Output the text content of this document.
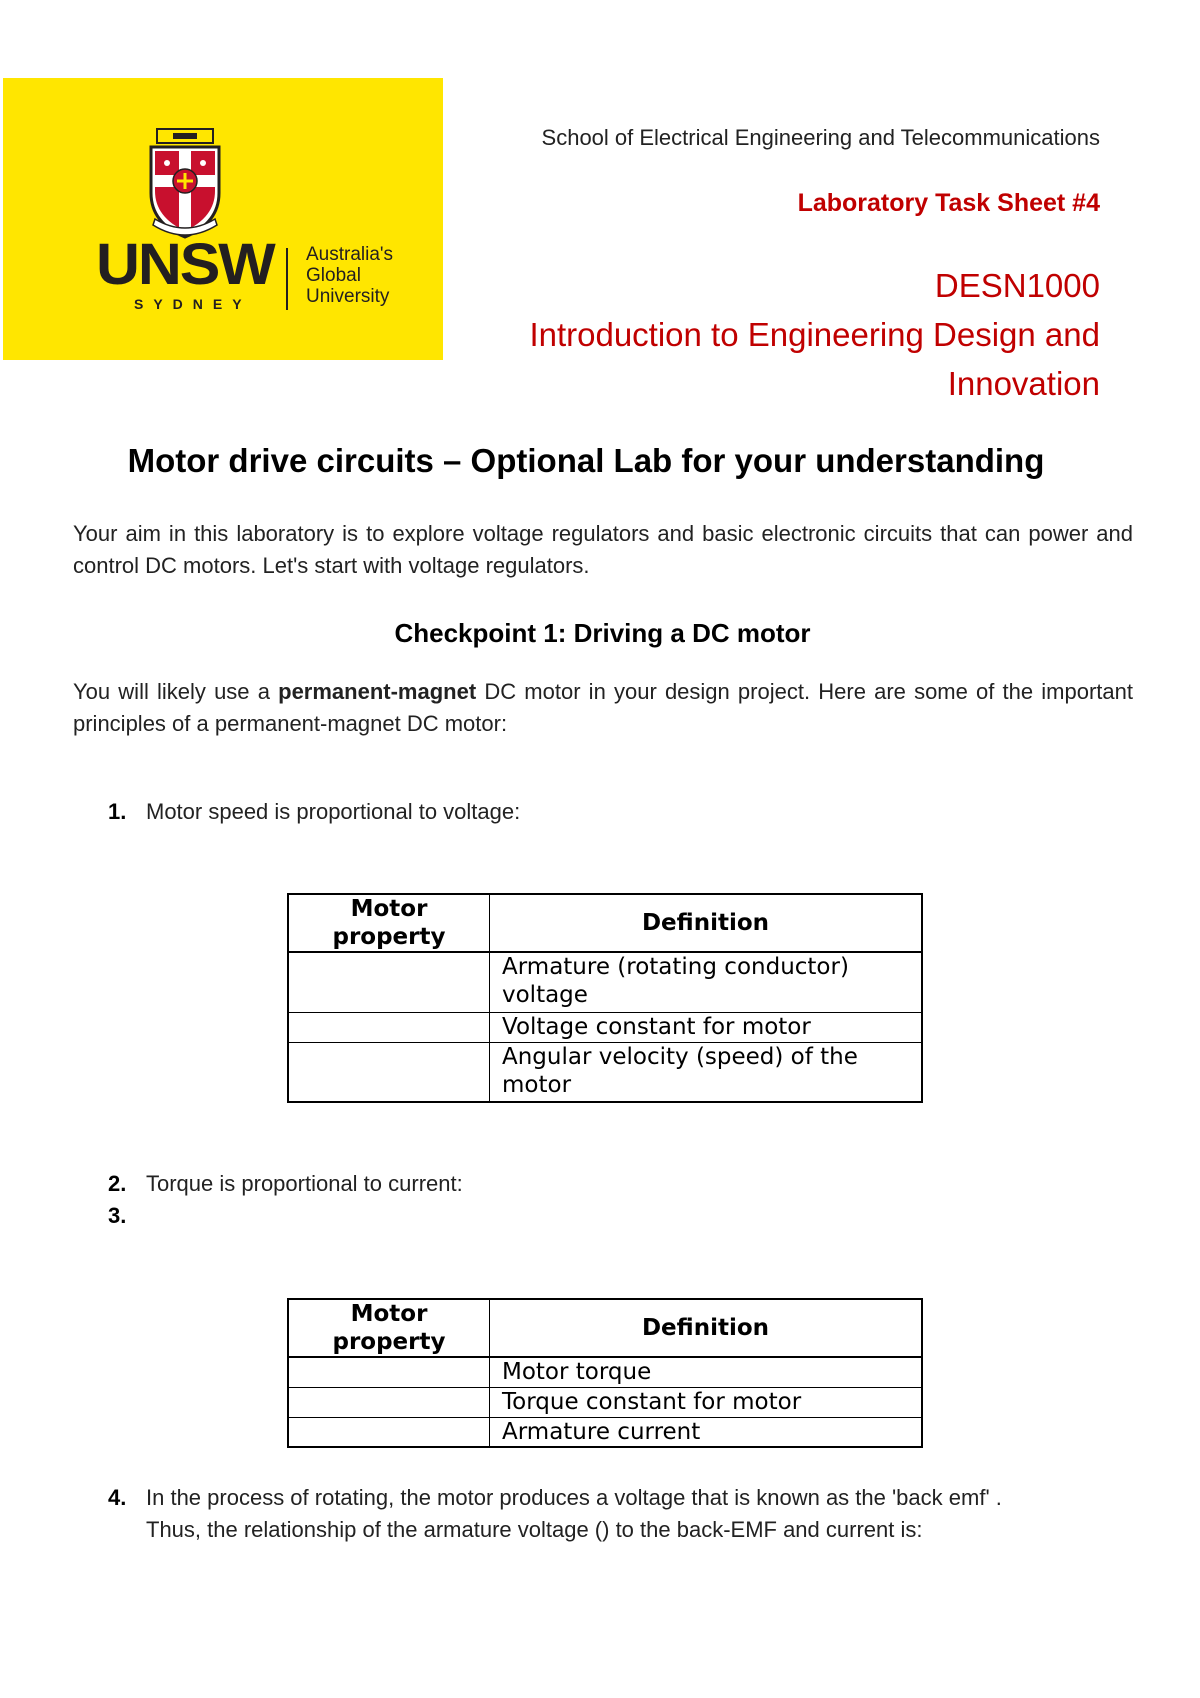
UNSW
SYDNEY
Australia's
Global
University
School of Electrical Engineering and Telecommunications
Laboratory Task Sheet #4
DESN1000
Introduction to Engineering Design and
Innovation
Motor drive circuits – Optional Lab for your understanding
Your aim in this laboratory is to explore voltage regulators and basic electronic circuits that can power and control DC motors. Let's start with voltage regulators.
Checkpoint 1: Driving a DC motor
You will likely use a permanent-magnet DC motor in your design project. Here are some of the important principles of a permanent-magnet DC motor:
1. Motor speed is proportional to voltage:
Motor property	Definition
	Armature (rotating conductor) voltage
	Voltage constant for motor
	Angular velocity (speed) of the motor
2. Torque is proportional to current:
3.
Motor property	Definition
	Motor torque
	Torque constant for motor
	Armature current
4. In the process of rotating, the motor produces a voltage that is known as the 'back emf' .
Thus, the relationship of the armature voltage () to the back-EMF and current is:
